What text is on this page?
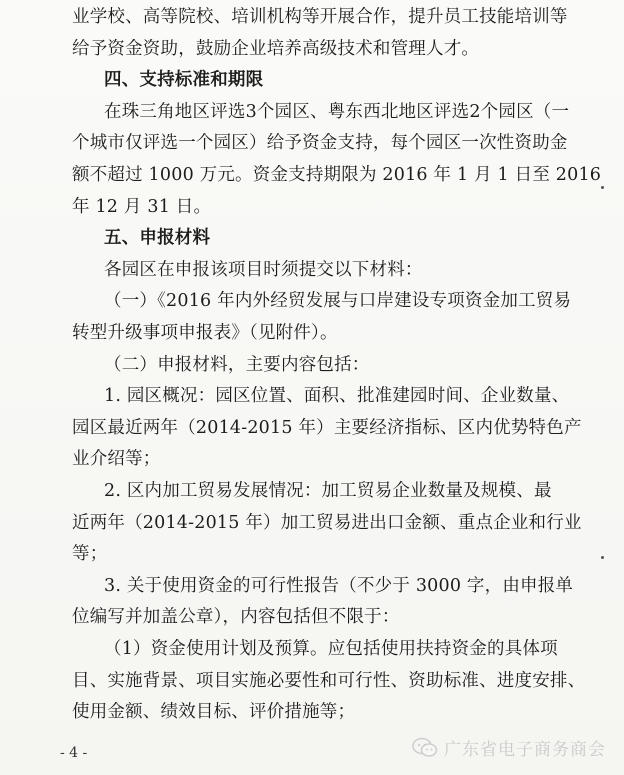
业学校、高等院校、培训机构等开展合作，提升员工技能培训等
给予资金资助，鼓励企业培养高级技术和管理人才。
四、支持标准和期限
在珠三角地区评选3个园区、粤东西北地区评选2个园区（一
个城市仅评选一个园区）给予资金支持，每个园区一次性资助金
额不超过 1000 万元。资金支持期限为 2016 年 1 月 1 日至 2016
年 12 月 31 日。
五、申报材料
各园区在申报该项目时须提交以下材料：
（一）《2016 年内外经贸发展与口岸建设专项资金加工贸易
转型升级事项申报表》（见附件）。
（二）申报材料，主要内容包括：
1. 园区概况：园区位置、面积、批准建园时间、企业数量、
园区最近两年（2014-2015 年）主要经济指标、区内优势特色产
业介绍等；
2. 区内加工贸易发展情况：加工贸易企业数量及规模、最
近两年（2014-2015 年）加工贸易进出口金额、重点企业和行业
等；
3. 关于使用资金的可行性报告（不少于 3000 字，由申报单
位编写并加盖公章），内容包括但不限于：
（1）资金使用计划及预算。应包括使用扶持资金的具体项
目、实施背景、项目实施必要性和可行性、资助标准、进度安排、
使用金额、绩效目标、评价措施等；
- 4 -	广东省电子商务商会
